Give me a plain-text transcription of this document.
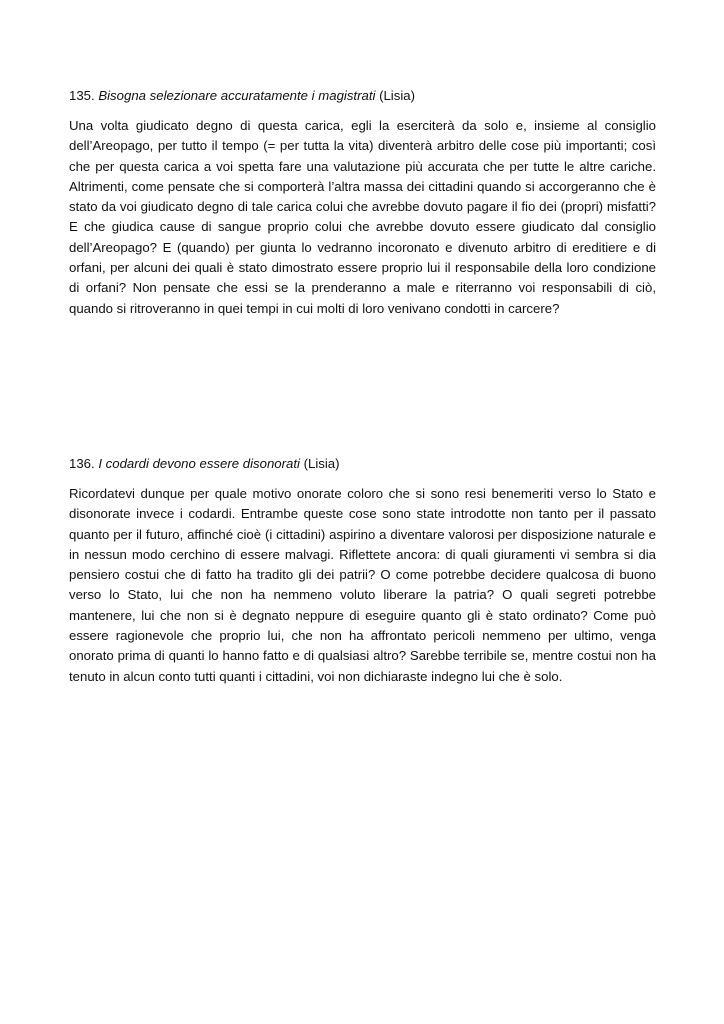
135. Bisogna selezionare accuratamente i magistrati (Lisia)

Una volta giudicato degno di questa carica, egli la eserciterà da solo e, insieme al consiglio dell’Areopago, per tutto il tempo (= per tutta la vita) diventerà arbitro delle cose più importanti; così che per questa carica a voi spetta fare una valutazione più accurata che per tutte le altre cariche. Altrimenti, come pensate che si comporterà l’altra massa dei cittadini quando si accorgeranno che è stato da voi giudicato degno di tale carica colui che avrebbe dovuto pagare il fio dei (propri) misfatti? E che giudica cause di sangue proprio colui che avrebbe dovuto essere giudicato dal consiglio dell’Areopago? E (quando) per giunta lo vedranno incoronato e divenuto arbitro di ereditiere e di orfani, per alcuni dei quali è stato dimostrato essere proprio lui il responsabile della loro condizione di orfani? Non pensate che essi se la prenderanno a male e riterranno voi responsabili di ciò, quando si ritroveranno in quei tempi in cui molti di loro venivano condotti in carcere?

136. I codardi devono essere disonorati (Lisia)

Ricordatevi dunque per quale motivo onorate coloro che si sono resi benemeriti verso lo Stato e disonorate invece i codardi. Entrambe queste cose sono state introdotte non tanto per il passato quanto per il futuro, affinché cioè (i cittadini) aspirino a diventare valorosi per disposizione naturale e in nessun modo cerchino di essere malvagi. Riflettete ancora: di quali giuramenti vi sembra si dia pensiero costui che di fatto ha tradito gli dei patrii? O come potrebbe decidere qualcosa di buono verso lo Stato, lui che non ha nemmeno voluto liberare la patria? O quali segreti potrebbe mantenere, lui che non si è degnato neppure di eseguire quanto gli è stato ordinato? Come può essere ragionevole che proprio lui, che non ha affrontato pericoli nemmeno per ultimo, venga onorato prima di quanti lo hanno fatto e di qualsiasi altro? Sarebbe terribile se, mentre costui non ha tenuto in alcun conto tutti quanti i cittadini, voi non dichiaraste indegno lui che è solo.
